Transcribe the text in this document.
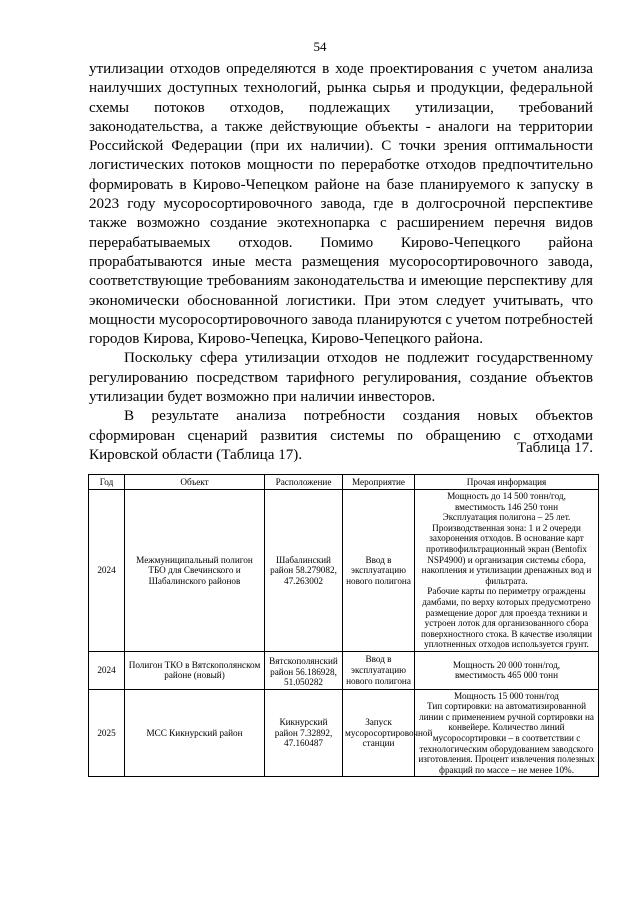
54

утилизации отходов определяются в ходе проектирования с учетом анализа наилучших доступных технологий, рынка сырья и продукции, федеральной схемы потоков отходов, подлежащих утилизации, требований законодательства, а также действующие объекты - аналоги на территории Российской Федерации (при их наличии). С точки зрения оптимальности логистических потоков мощности по переработке отходов предпочтительно формировать в Кирово-Чепецком районе на базе планируемого к запуску в 2023 году мусоросортировочного завода, где в долгосрочной перспективе также возможно создание экотехнопарка с расширением перечня видов перерабатываемых отходов. Помимо Кирово-Чепецкого района прорабатываются иные места размещения мусоросортировочного завода, соответствующие требованиям законодательства и имеющие перспективу для экономически обоснованной логистики. При этом следует учитывать, что мощности мусоросортировочного завода планируются с учетом потребностей городов Кирова, Кирово-Чепецка, Кирово-Чепецкого района.

Поскольку сфера утилизации отходов не подлежит государственному регулированию посредством тарифного регулирования, создание объектов утилизации будет возможно при наличии инвесторов.

В результате анализа потребности создания новых объектов сформирован сценарий развития системы по обращению с отходами Кировской области (Таблица 17).	Таблица 17.
Год	Объект	Расположение	Мероприятие	Прочая информация
2024	Межмуниципальный полигон ТБО для Свечинского и Шабалинского районов	Шабалинский район 58.279082, 47.263002	Ввод в эксплуатацию нового полигона	Мощность до 14 500 тонн/год,
вместимость 146 250 тонн
Эксплуатация полигона – 25 лет.
Производственная зона: 1 и 2 очереди захоронения отходов. В основание карт противофильтрационный экран (Bentofix NSP4900) и организация системы сбора, накопления и утилизации дренажных вод и фильтрата.
Рабочие карты по периметру ограждены дамбами, по верху которых предусмотрено размещение дорог для проезда техники и устроен лоток для организованного сбора поверхностного стока. В качестве изоляции уплотненных отходов используется грунт.

2024	Полигон ТКО в Вятскополянском районе (новый)	Вятскополянский район 56.186928, 51.050282	Ввод в эксплуатацию нового полигона	Мощность 20 000 тонн/год,
вместимость 465 000 тонн

2025	МСС Кикнурский район	Кикнурский район 7.32892, 47.160487	Запуск мусоросортировочной станции	Мощность 15 000 тонн/год
Тип сортировки: на автоматизированной линии с применением ручной сортировки на конвейере. Количество линий мусоросортировки – в соответствии с технологическим оборудованием заводского изготовления. Процент извлечения полезных фракций по массе – не менее 10%.
